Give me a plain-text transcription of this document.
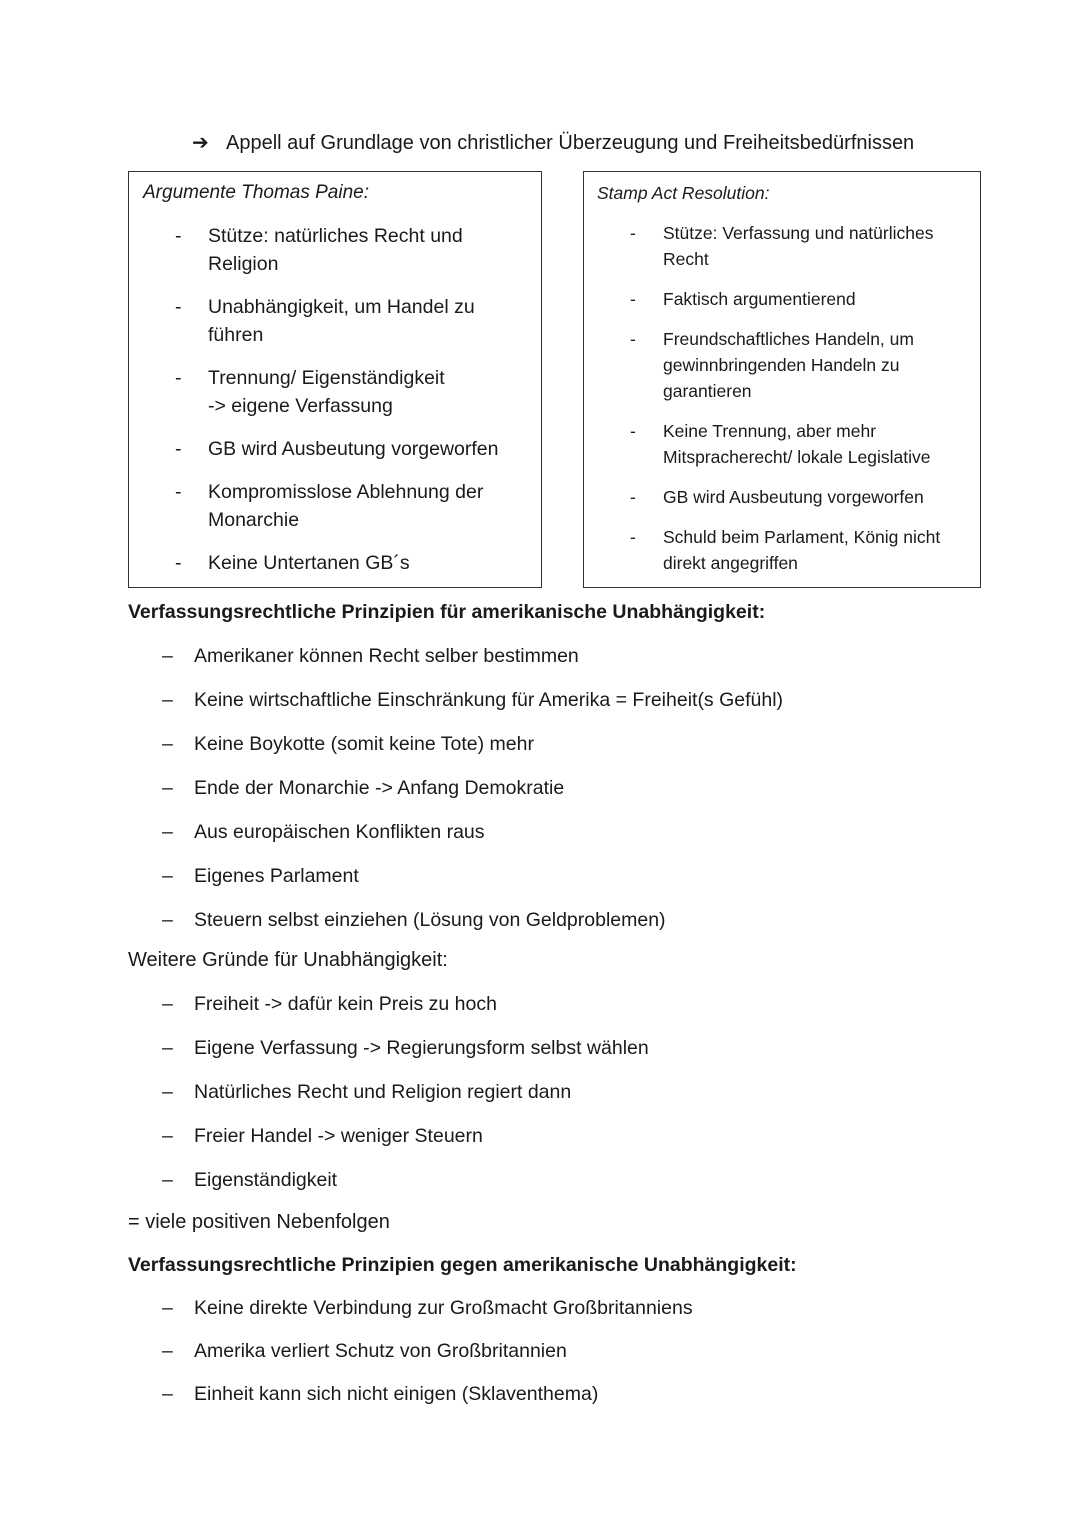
➔ Appell auf Grundlage von christlicher Überzeugung und Freiheitsbedürfnissen

Argumente Thomas Paine:

- Stütze: natürliches Recht und
Religion
- Unabhängigkeit, um Handel zu
führen
- Trennung/ Eigenständigkeit
-> eigene Verfassung
- GB wird Ausbeutung vorgeworfen
- Kompromisslose Ablehnung der
Monarchie
- Keine Untertanen GB´s

Stamp Act Resolution:

- Stütze: Verfassung und natürliches
Recht
- Faktisch argumentierend
- Freundschaftliches Handeln, um
gewinnbringenden Handeln zu
garantieren
- Keine Trennung, aber mehr
Mitspracherecht/ lokale Legislative
- GB wird Ausbeutung vorgeworfen
- Schuld beim Parlament, König nicht
direkt angegriffen

Verfassungsrechtliche Prinzipien für amerikanische Unabhängigkeit:

– Amerikaner können Recht selber bestimmen
– Keine wirtschaftliche Einschränkung für Amerika = Freiheit(s Gefühl)
– Keine Boykotte (somit keine Tote) mehr
– Ende der Monarchie -> Anfang Demokratie
– Aus europäischen Konflikten raus
– Eigenes Parlament
– Steuern selbst einziehen (Lösung von Geldproblemen)

Weitere Gründe für Unabhängigkeit:

– Freiheit -> dafür kein Preis zu hoch
– Eigene Verfassung -> Regierungsform selbst wählen
– Natürliches Recht und Religion regiert dann
– Freier Handel -> weniger Steuern
– Eigenständigkeit

= viele positiven Nebenfolgen

Verfassungsrechtliche Prinzipien gegen amerikanische Unabhängigkeit:

– Keine direkte Verbindung zur Großmacht Großbritanniens
– Amerika verliert Schutz von Großbritannien
– Einheit kann sich nicht einigen (Sklaventhema)
